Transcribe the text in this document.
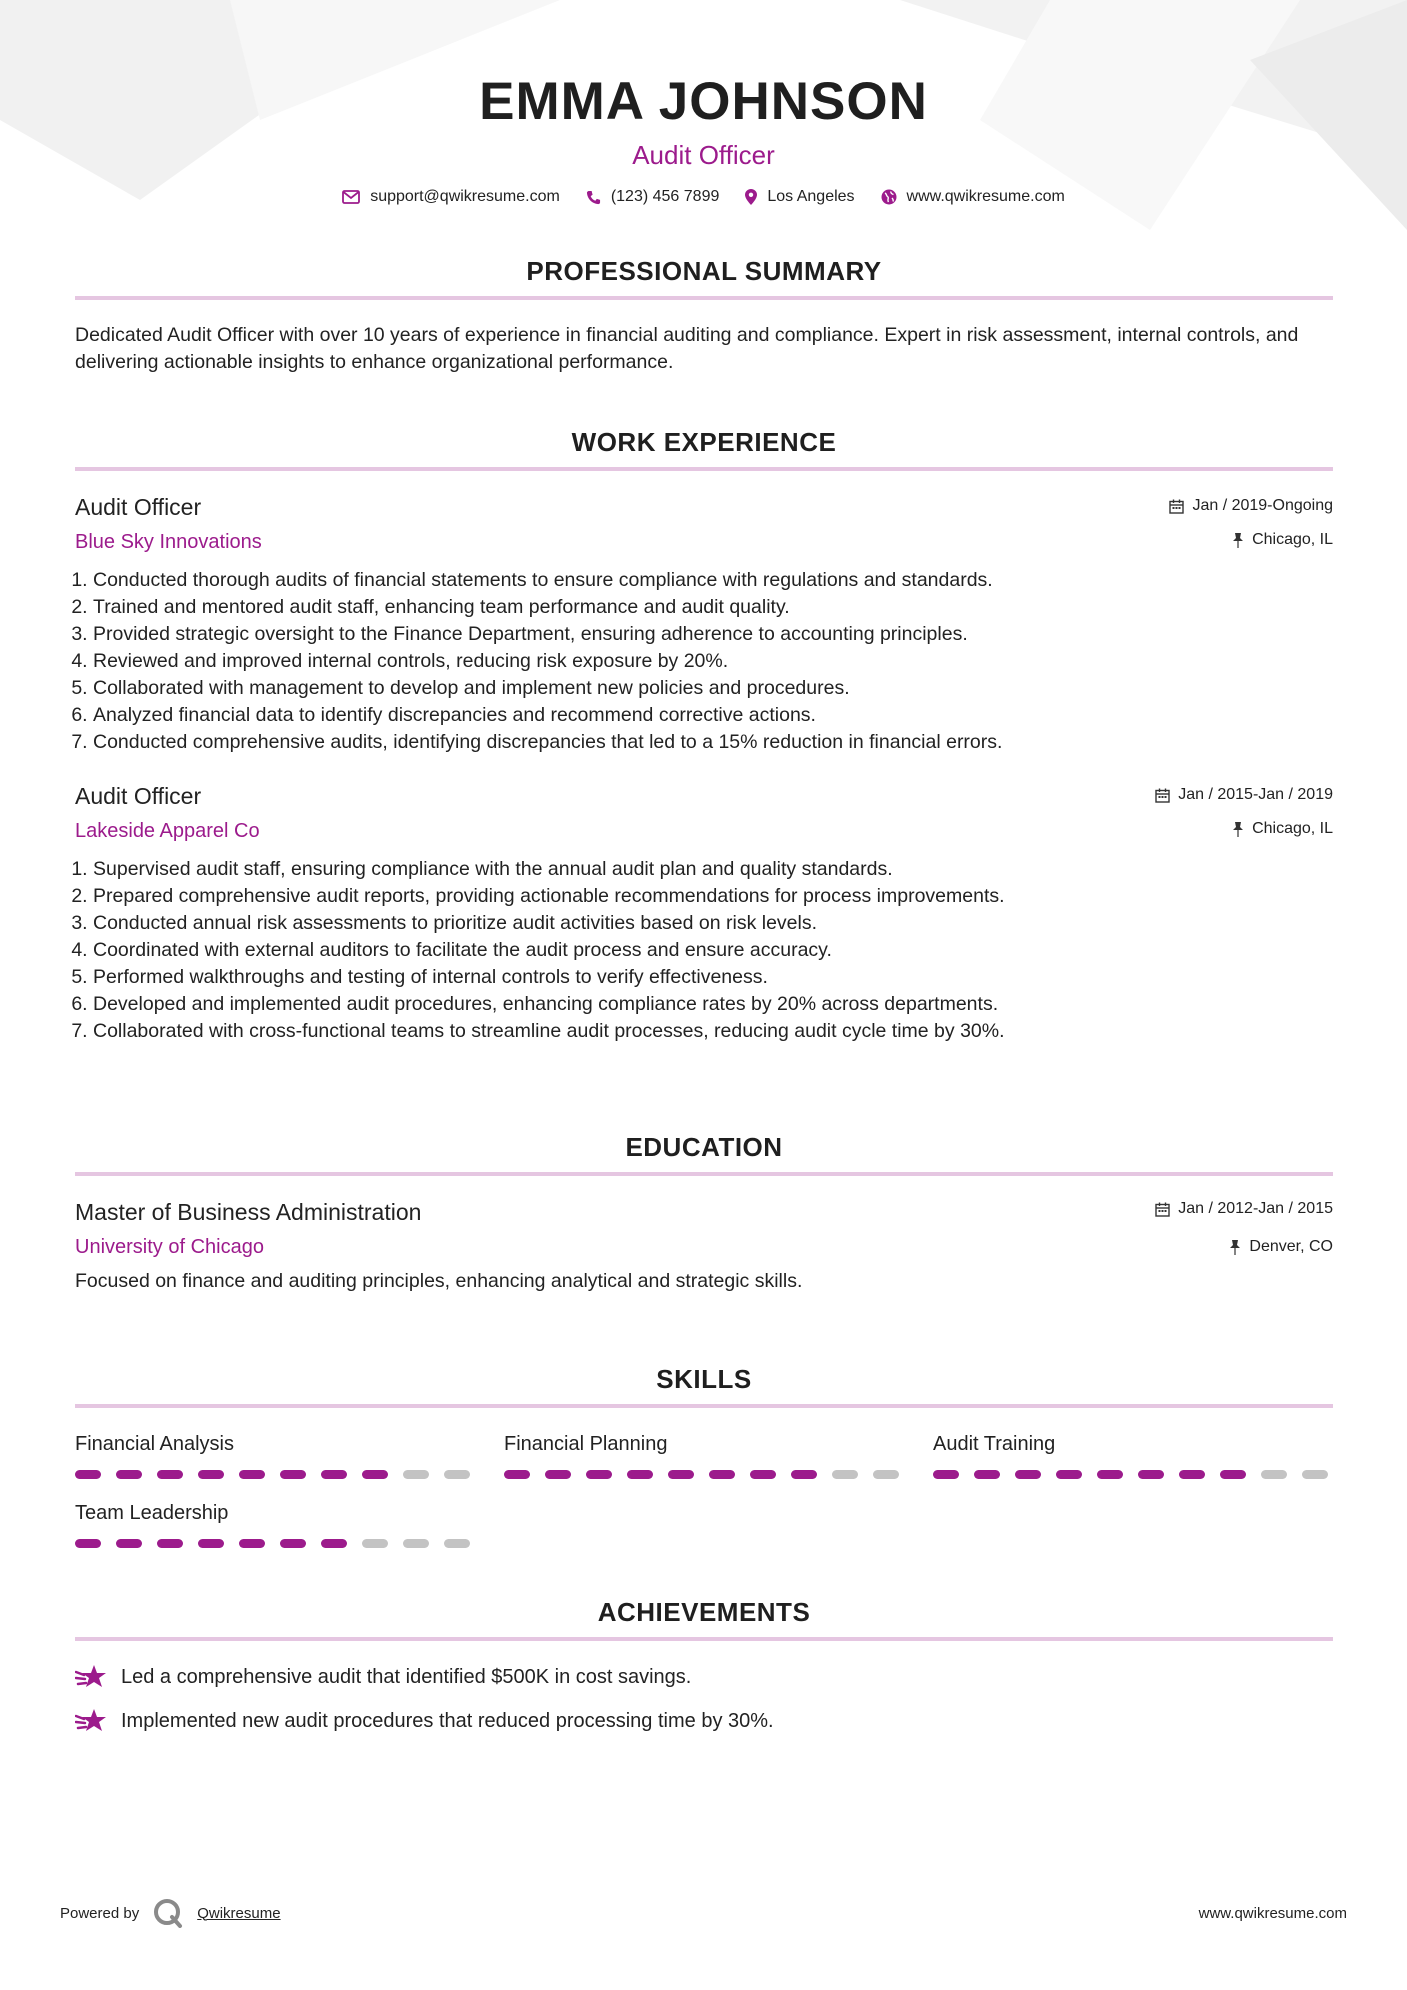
EMMA JOHNSON
Audit Officer
support@qwikresume.com	(123) 456 7899	Los Angeles	www.qwikresume.com
PROFESSIONAL SUMMARY
Dedicated Audit Officer with over 10 years of experience in financial auditing and compliance. Expert in risk assessment, internal controls, and delivering actionable insights to enhance organizational performance.
WORK EXPERIENCE
Audit Officer
Blue Sky Innovations
Jan / 2019-Ongoing
Chicago, IL
1. Conducted thorough audits of financial statements to ensure compliance with regulations and standards.
2. Trained and mentored audit staff, enhancing team performance and audit quality.
3. Provided strategic oversight to the Finance Department, ensuring adherence to accounting principles.
4. Reviewed and improved internal controls, reducing risk exposure by 20%.
5. Collaborated with management to develop and implement new policies and procedures.
6. Analyzed financial data to identify discrepancies and recommend corrective actions.
7. Conducted comprehensive audits, identifying discrepancies that led to a 15% reduction in financial errors.
Audit Officer
Lakeside Apparel Co
Jan / 2015-Jan / 2019
Chicago, IL
1. Supervised audit staff, ensuring compliance with the annual audit plan and quality standards.
2. Prepared comprehensive audit reports, providing actionable recommendations for process improvements.
3. Conducted annual risk assessments to prioritize audit activities based on risk levels.
4. Coordinated with external auditors to facilitate the audit process and ensure accuracy.
5. Performed walkthroughs and testing of internal controls to verify effectiveness.
6. Developed and implemented audit procedures, enhancing compliance rates by 20% across departments.
7. Collaborated with cross-functional teams to streamline audit processes, reducing audit cycle time by 30%.
EDUCATION
Master of Business Administration
University of Chicago
Jan / 2012-Jan / 2015
Denver, CO
Focused on finance and auditing principles, enhancing analytical and strategic skills.
SKILLS
Financial Analysis	Financial Planning	Audit Training
Team Leadership
ACHIEVEMENTS
Led a comprehensive audit that identified $500K in cost savings.
Implemented new audit procedures that reduced processing time by 30%.
Powered by	Qwikresume	www.qwikresume.com
